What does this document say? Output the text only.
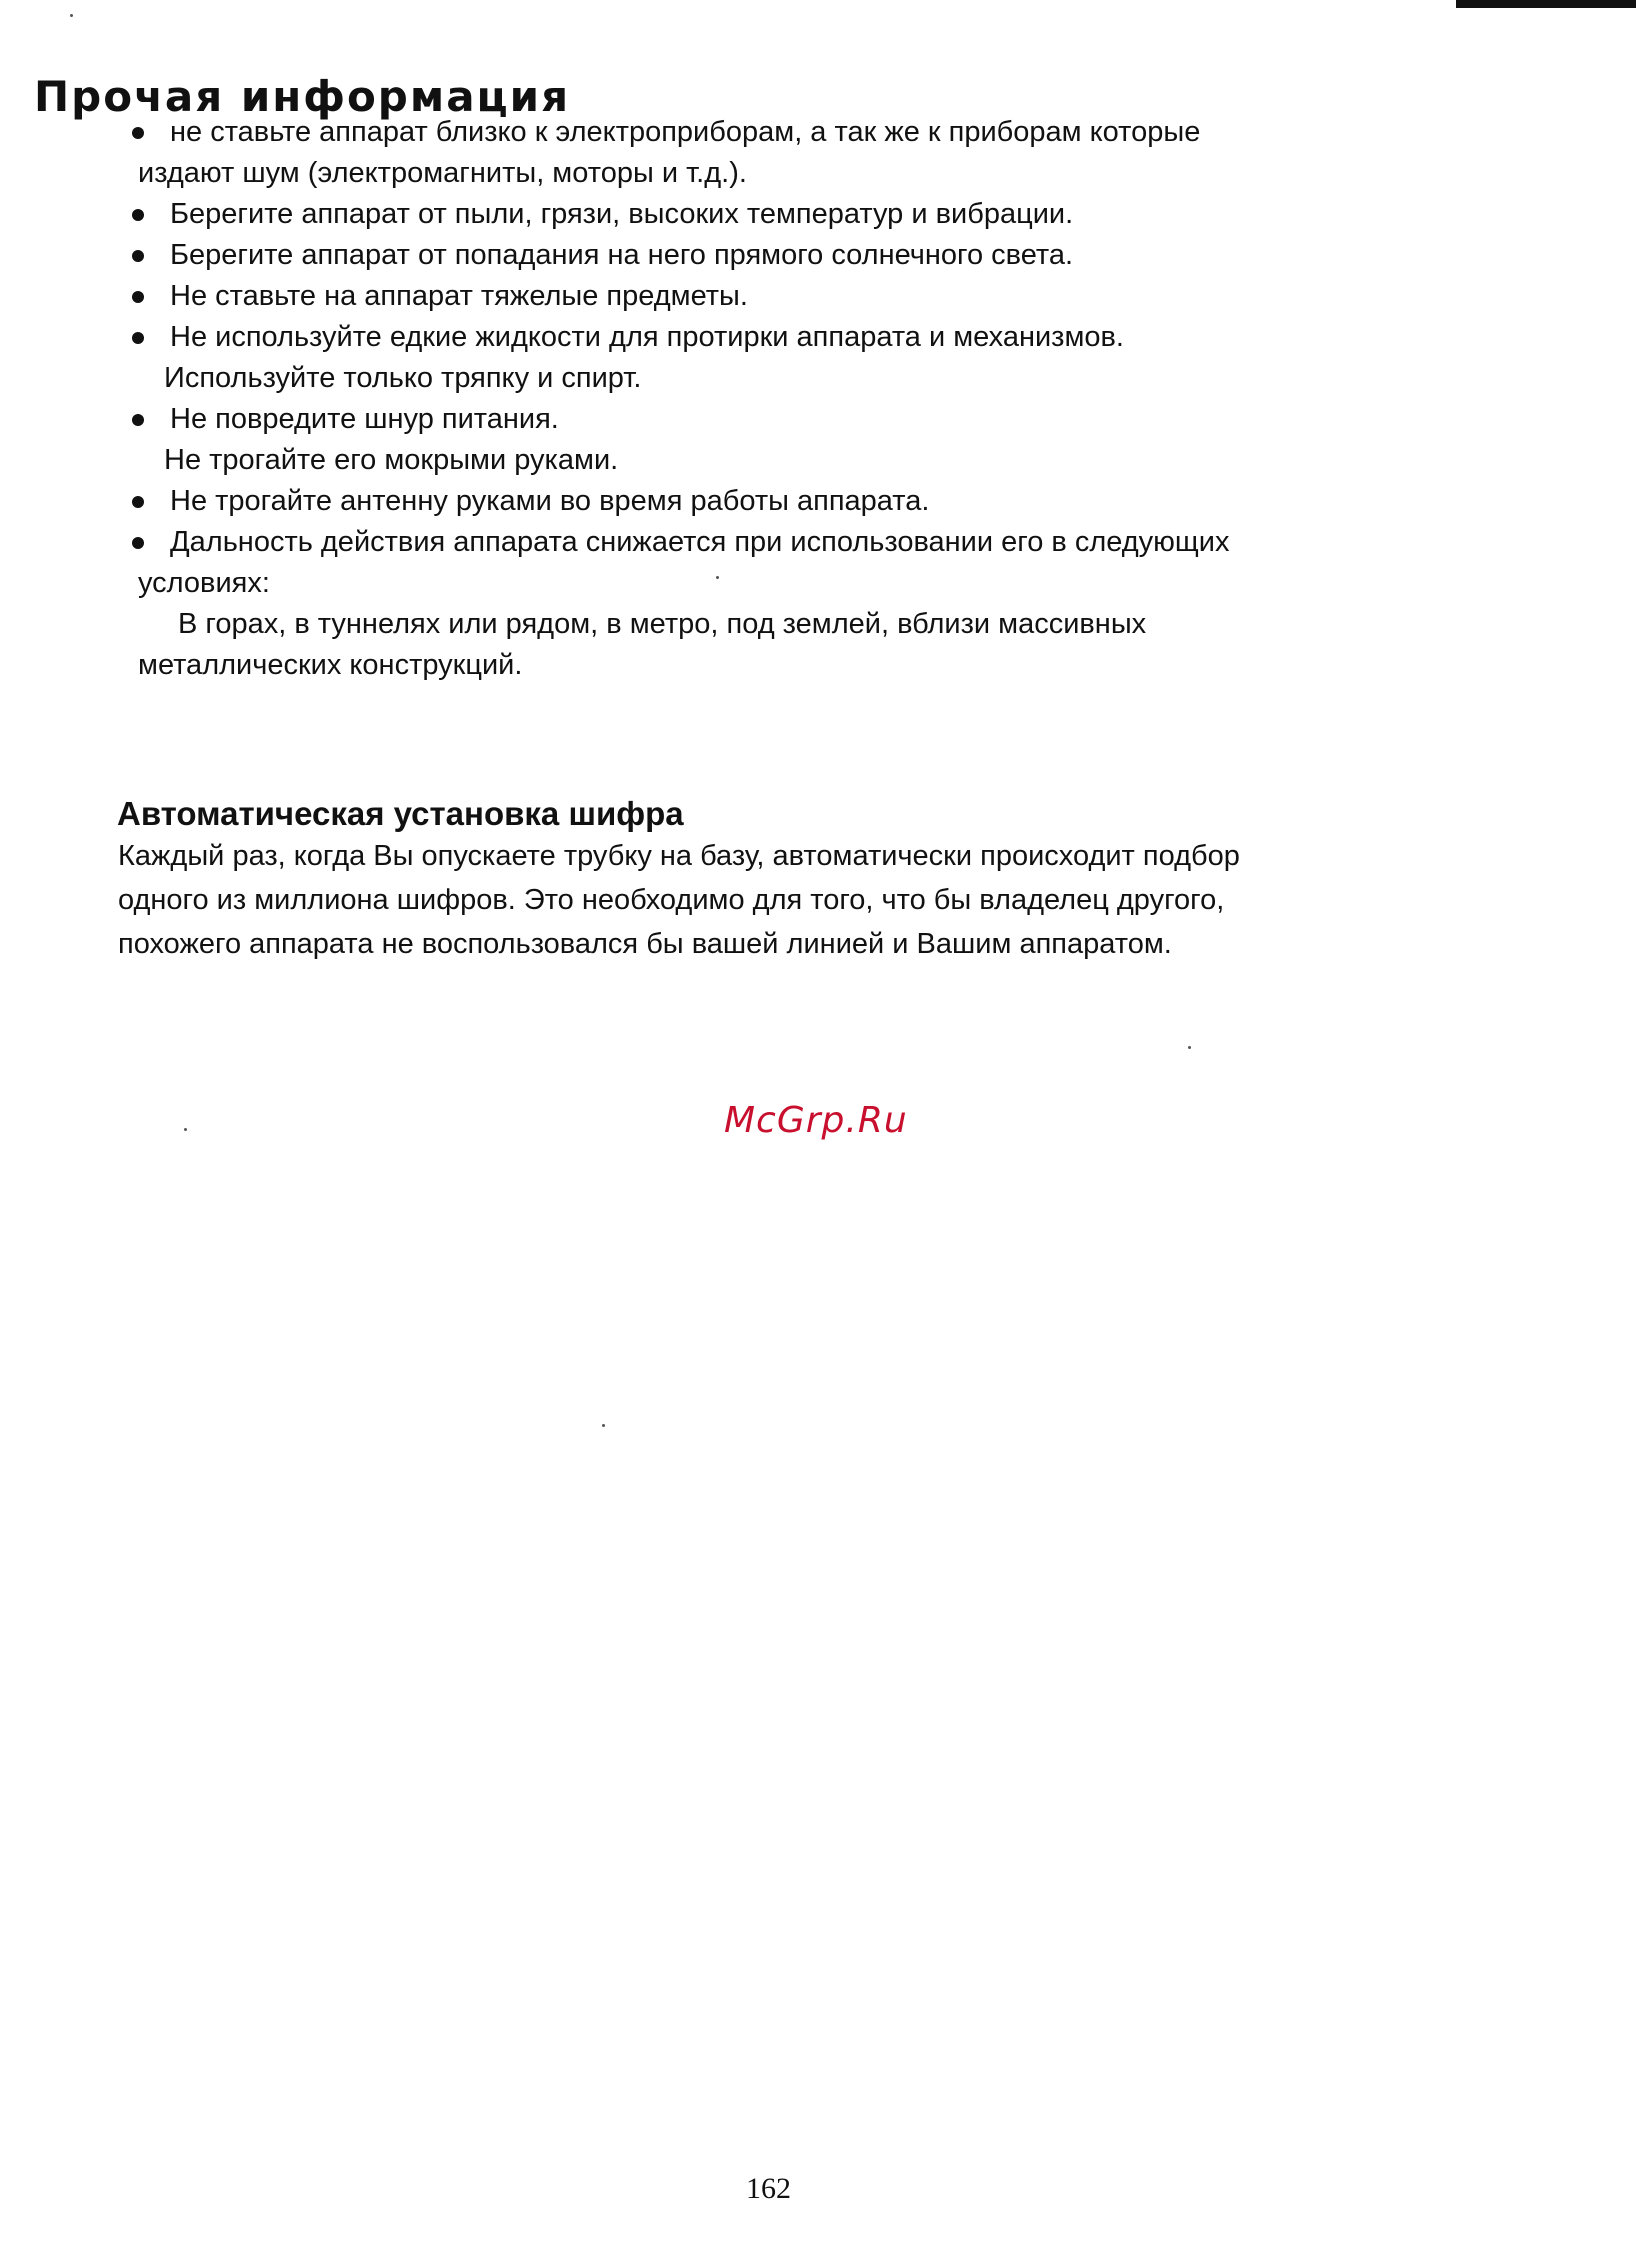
Прочая информация
не ставьте аппарат близко к электроприборам, а так же к приборам которые
издают шум (электромагниты, моторы и т.д.).
Берегите аппарат от пыли, грязи, высоких температур и вибрации.
Берегите аппарат от попадания на него прямого солнечного света.
Не ставьте на аппарат тяжелые предметы.
Не используйте едкие жидкости для протирки аппарата и механизмов.
Используйте только тряпку и спирт.
Не повредите шнур питания.
Не трогайте его мокрыми руками.
Не трогайте антенну руками во время работы аппарата.
Дальность действия аппарата снижается при использовании его в следующих
условиях:
В горах, в туннелях или рядом, в метро, под землей, вблизи массивных
металлических конструкций.
Автоматическая установка шифра
Каждый раз, когда Вы опускаете трубку на базу, автоматически происходит подбор
одного из миллиона шифров. Это необходимо для того, что бы владелец другого,
похожего аппарата не воспользовался бы вашей линией и Вашим аппаратом.
McGrp.Ru
162
